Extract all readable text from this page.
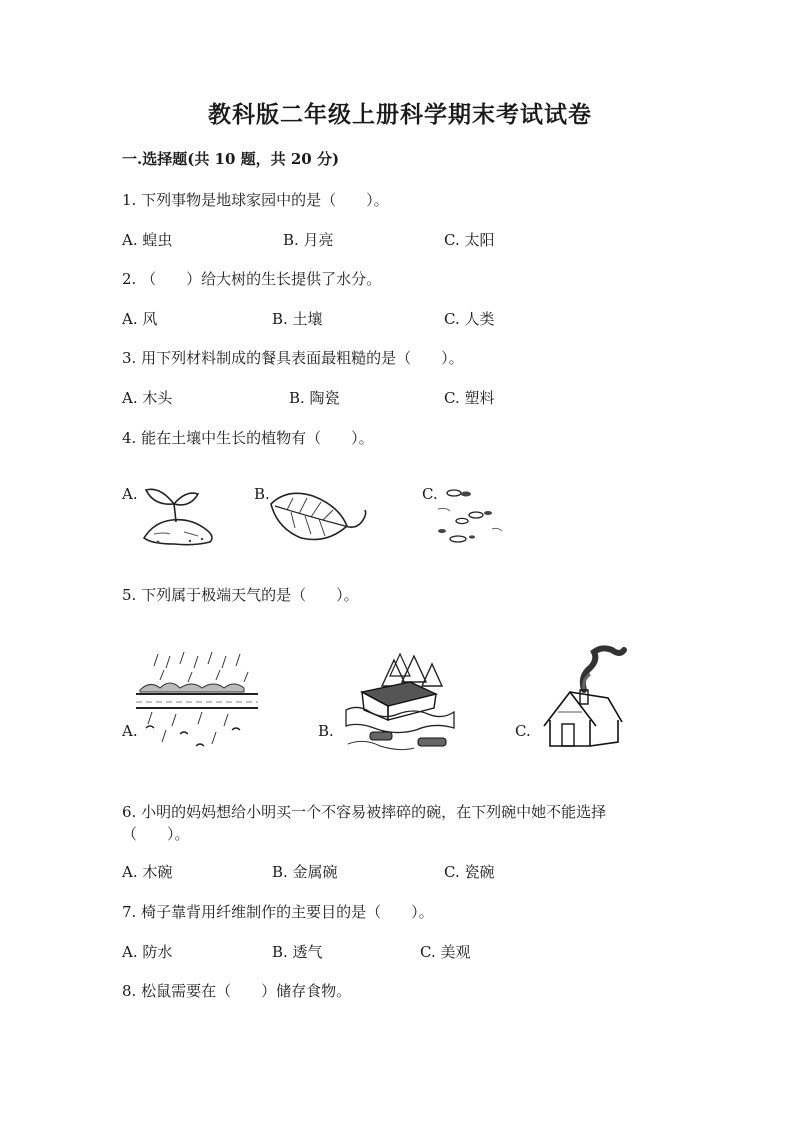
教科版二年级上册科学期末考试试卷
一.选择题(共 10 题，共 20 分)
1. 下列事物是地球家园中的是（　　）。
A. 蝗虫	B. 月亮	C. 太阳
2. （　　）给大树的生长提供了水分。
A. 风	B. 土壤	C. 人类
3. 用下列材料制成的餐具表面最粗糙的是（　　）。
A. 木头	B. 陶瓷	C. 塑料
4. 能在土壤中生长的植物有（　　）。
A.	B.	C.
5. 下列属于极端天气的是（　　）。
A.	B.	C.
6. 小明的妈妈想给小明买一个不容易被摔碎的碗，在下列碗中她不能选择
（　　）。
A. 木碗	B. 金属碗	C. 瓷碗
7. 椅子靠背用纤维制作的主要目的是（　　）。
A. 防水	B. 透气	C. 美观
8. 松鼠需要在（　　）储存食物。
